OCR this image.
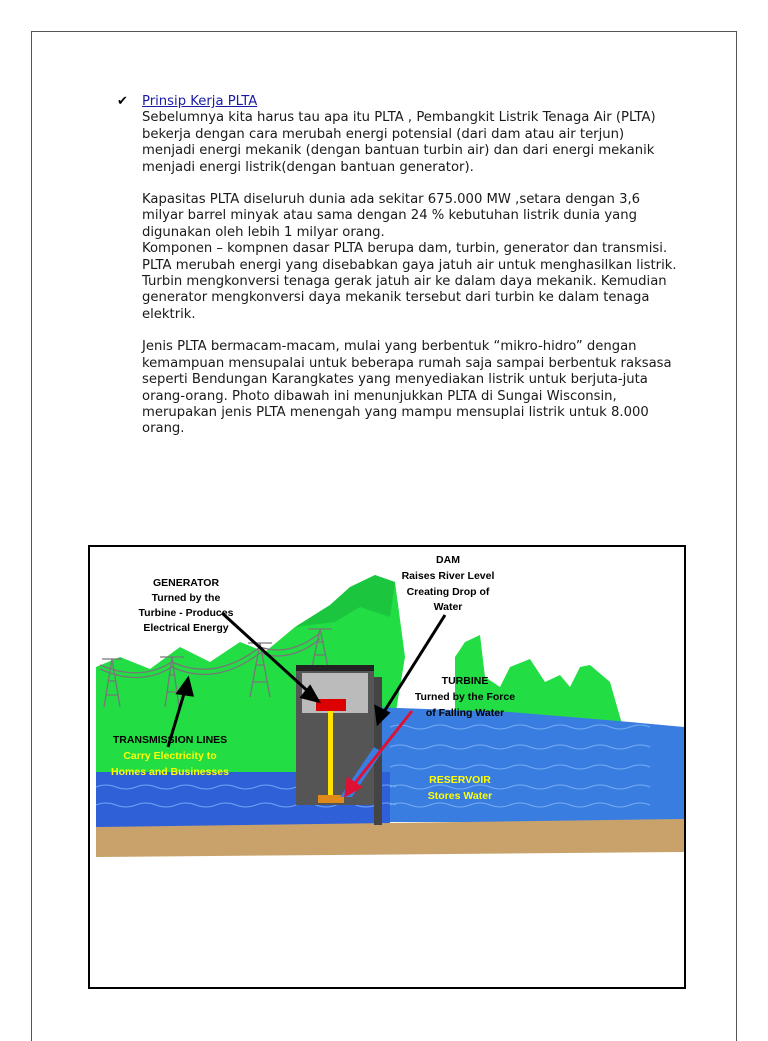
✔ Prinsip Kerja PLTA

Sebelumnya kita harus tau apa itu PLTA , Pembangkit Listrik Tenaga Air (PLTA) bekerja dengan cara merubah energi potensial (dari dam atau air terjun) menjadi energi mekanik (dengan bantuan turbin air) dan dari energi mekanik menjadi energi listrik(dengan bantuan generator).

Kapasitas PLTA diseluruh dunia ada sekitar 675.000 MW ,setara dengan 3,6 milyar barrel minyak atau sama dengan 24 % kebutuhan listrik dunia yang digunakan oleh lebih 1 milyar orang.

Komponen – kompnen dasar PLTA berupa dam, turbin, generator dan transmisi.

PLTA merubah energi yang disebabkan gaya jatuh air untuk menghasilkan listrik. Turbin mengkonversi tenaga gerak jatuh air ke dalam daya mekanik. Kemudian generator mengkonversi daya mekanik tersebut dari turbin ke dalam tenaga elektrik.

Jenis PLTA bermacam-macam, mulai yang berbentuk “mikro-hidro” dengan kemampuan mensupalai untuk beberapa rumah saja sampai berbentuk raksasa seperti Bendungan Karangkates yang menyediakan listrik untuk berjuta-juta orang-orang. Photo dibawah ini menunjukkan PLTA di Sungai Wisconsin, merupakan jenis PLTA menengah yang mampu mensuplai listrik untuk 8.000 orang.

GENERATOR
Turned by the
Turbine - Produces
Electrical Energy
DAM
Raises River Level
Creating Drop of
Water
TURBINE
Turned by the Force
of Falling Water
TRANSMISSION LINES
Carry Electricity to
Homes and Businesses
RESERVOIR
Stores Water
